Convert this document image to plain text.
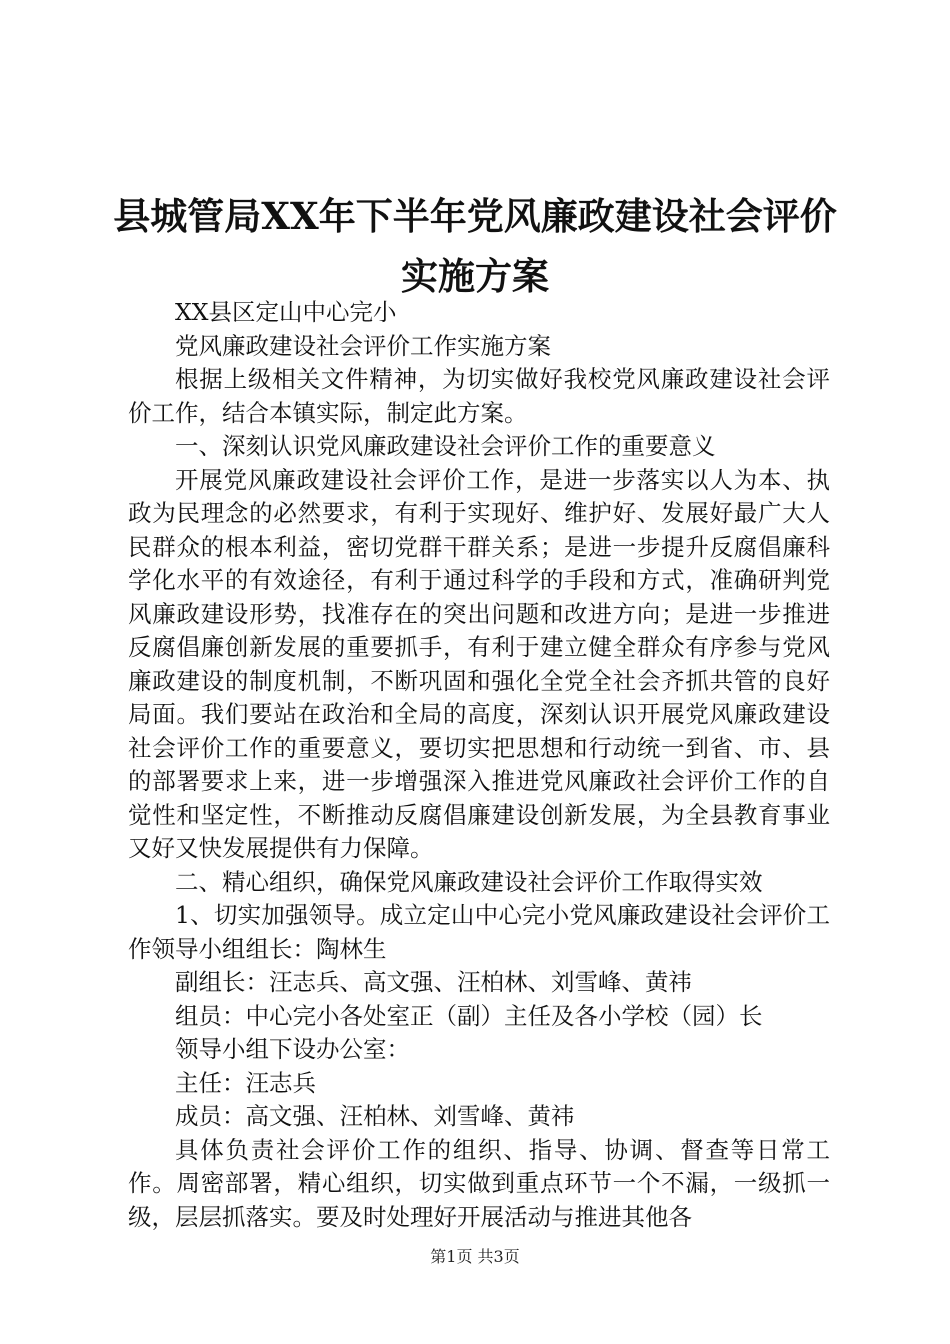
县城管局XX年下半年党风廉政建设社会评价
实施方案

XX县区定山中心完小

党风廉政建设社会评价工作实施方案

根据上级相关文件精神，为切实做好我校党风廉政建设社会评价工作，结合本镇实际，制定此方案。

一、深刻认识党风廉政建设社会评价工作的重要意义

开展党风廉政建设社会评价工作，是进一步落实以人为本、执政为民理念的必然要求，有利于实现好、维护好、发展好最广大人民群众的根本利益，密切党群干群关系；是进一步提升反腐倡廉科学化水平的有效途径，有利于通过科学的手段和方式，准确研判党风廉政建设形势，找准存在的突出问题和改进方向；是进一步推进反腐倡廉创新发展的重要抓手，有利于建立健全群众有序参与党风廉政建设的制度机制，不断巩固和强化全党全社会齐抓共管的良好局面。我们要站在政治和全局的高度，深刻认识开展党风廉政建设社会评价工作的重要意义，要切实把思想和行动统一到省、市、县的部署要求上来，进一步增强深入推进党风廉政社会评价工作的自觉性和坚定性，不断推动反腐倡廉建设创新发展，为全县教育事业又好又快发展提供有力保障。

二、精心组织，确保党风廉政建设社会评价工作取得实效

1、切实加强领导。成立定山中心完小党风廉政建设社会评价工作领导小组组长：陶林生

副组长：汪志兵、高文强、汪柏林、刘雪峰、黄祎

组员：中心完小各处室正（副）主任及各小学校（园）长

领导小组下设办公室：

主任：汪志兵

成员：高文强、汪柏林、刘雪峰、黄祎

具体负责社会评价工作的组织、指导、协调、督查等日常工作。周密部署，精心组织，切实做到重点环节一个不漏，一级抓一级，层层抓落实。要及时处理好开展活动与推进其他各

第1页 共3页
